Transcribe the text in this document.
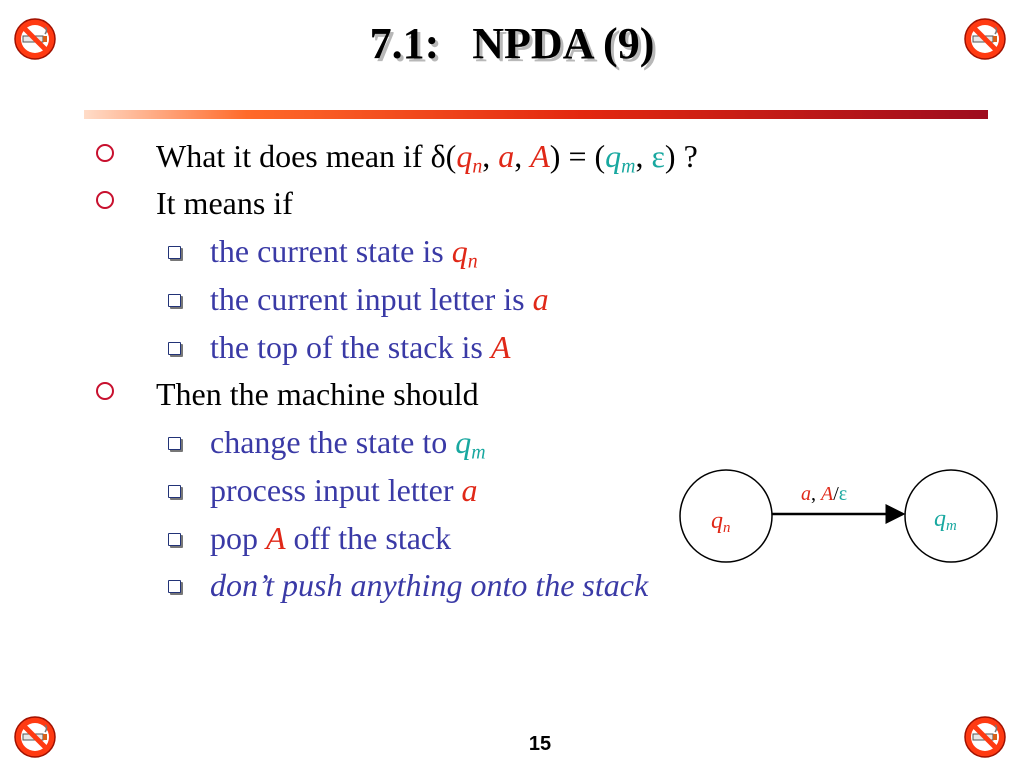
7.1:   NPDA (9)
What it does mean if $\delta(q_n$, a, $A) = (q_m$, ε) ?
It means if
the current state is $q_n$
the current input letter is a
the top of the stack is A
Then the machine should
change the state to $q_m$
process input letter a
pop A off the stack
don’t push anything onto the stack
$q_n$	$q_m$
a, A/ε
15
